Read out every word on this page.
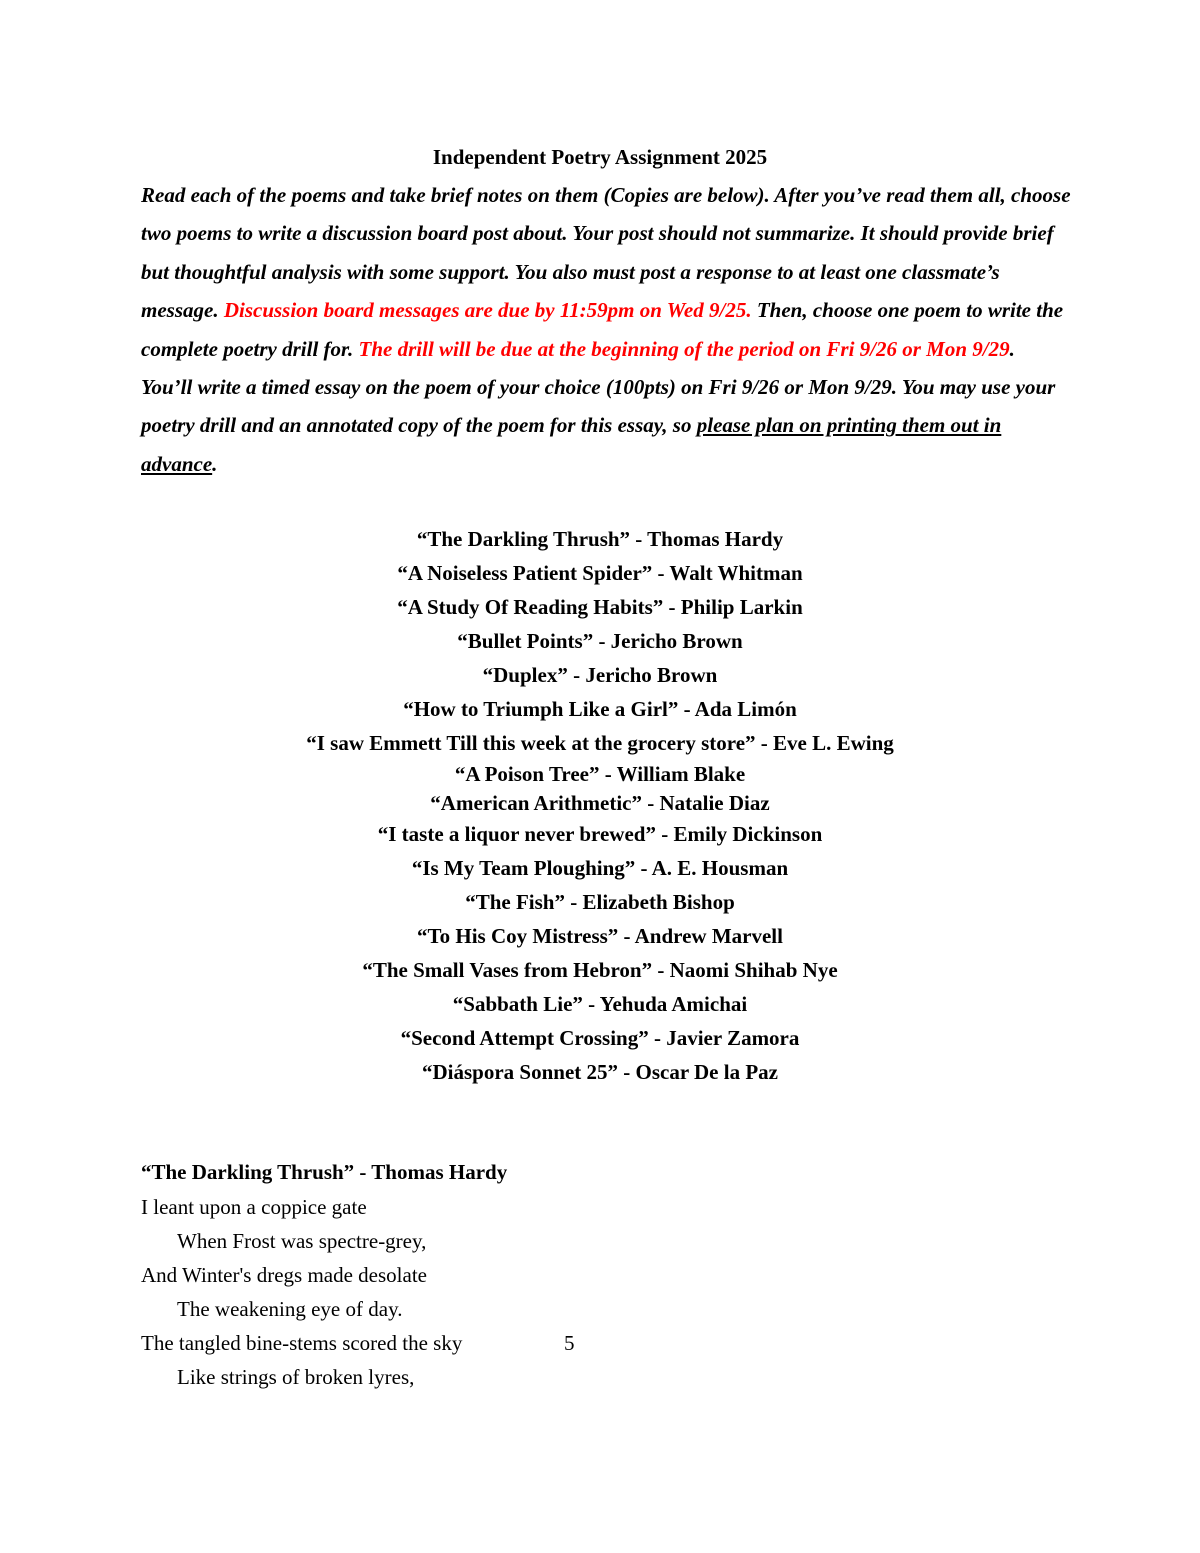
Independent Poetry Assignment 2025
Read each of the poems and take brief notes on them (Copies are below). After you’ve read them all, choose two poems to write a discussion board post about. Your post should not summarize. It should provide brief but thoughtful analysis with some support. You also must post a response to at least one classmate’s message. Discussion board messages are due by 11:59pm on Wed 9/25. Then, choose one poem to write the complete poetry drill for. The drill will be due at the beginning of the period on Fri 9/26 or Mon 9/29. You’ll write a timed essay on the poem of your choice (100pts) on Fri 9/26 or Mon 9/29. You may use your poetry drill and an annotated copy of the poem for this essay, so please plan on printing them out in advance.
“The Darkling Thrush” - Thomas Hardy
“A Noiseless Patient Spider” - Walt Whitman
“A Study Of Reading Habits” - Philip Larkin
“Bullet Points” - Jericho Brown
“Duplex” - Jericho Brown
“How to Triumph Like a Girl” - Ada Limón
“I saw Emmett Till this week at the grocery store” - Eve L. Ewing
“A Poison Tree” - William Blake
“American Arithmetic” - Natalie Diaz
“I taste a liquor never brewed” - Emily Dickinson
“Is My Team Ploughing” - A. E. Housman
“The Fish” - Elizabeth Bishop
“To His Coy Mistress” - Andrew Marvell
“The Small Vases from Hebron” - Naomi Shihab Nye
“Sabbath Lie” - Yehuda Amichai
“Second Attempt Crossing” - Javier Zamora
“Diáspora Sonnet 25” - Oscar De la Paz
“The Darkling Thrush” - Thomas Hardy
I leant upon a coppice gate
When Frost was spectre-grey,
And Winter's dregs made desolate
The weakening eye of day.
The tangled bine-stems scored the sky	5
Like strings of broken lyres,
